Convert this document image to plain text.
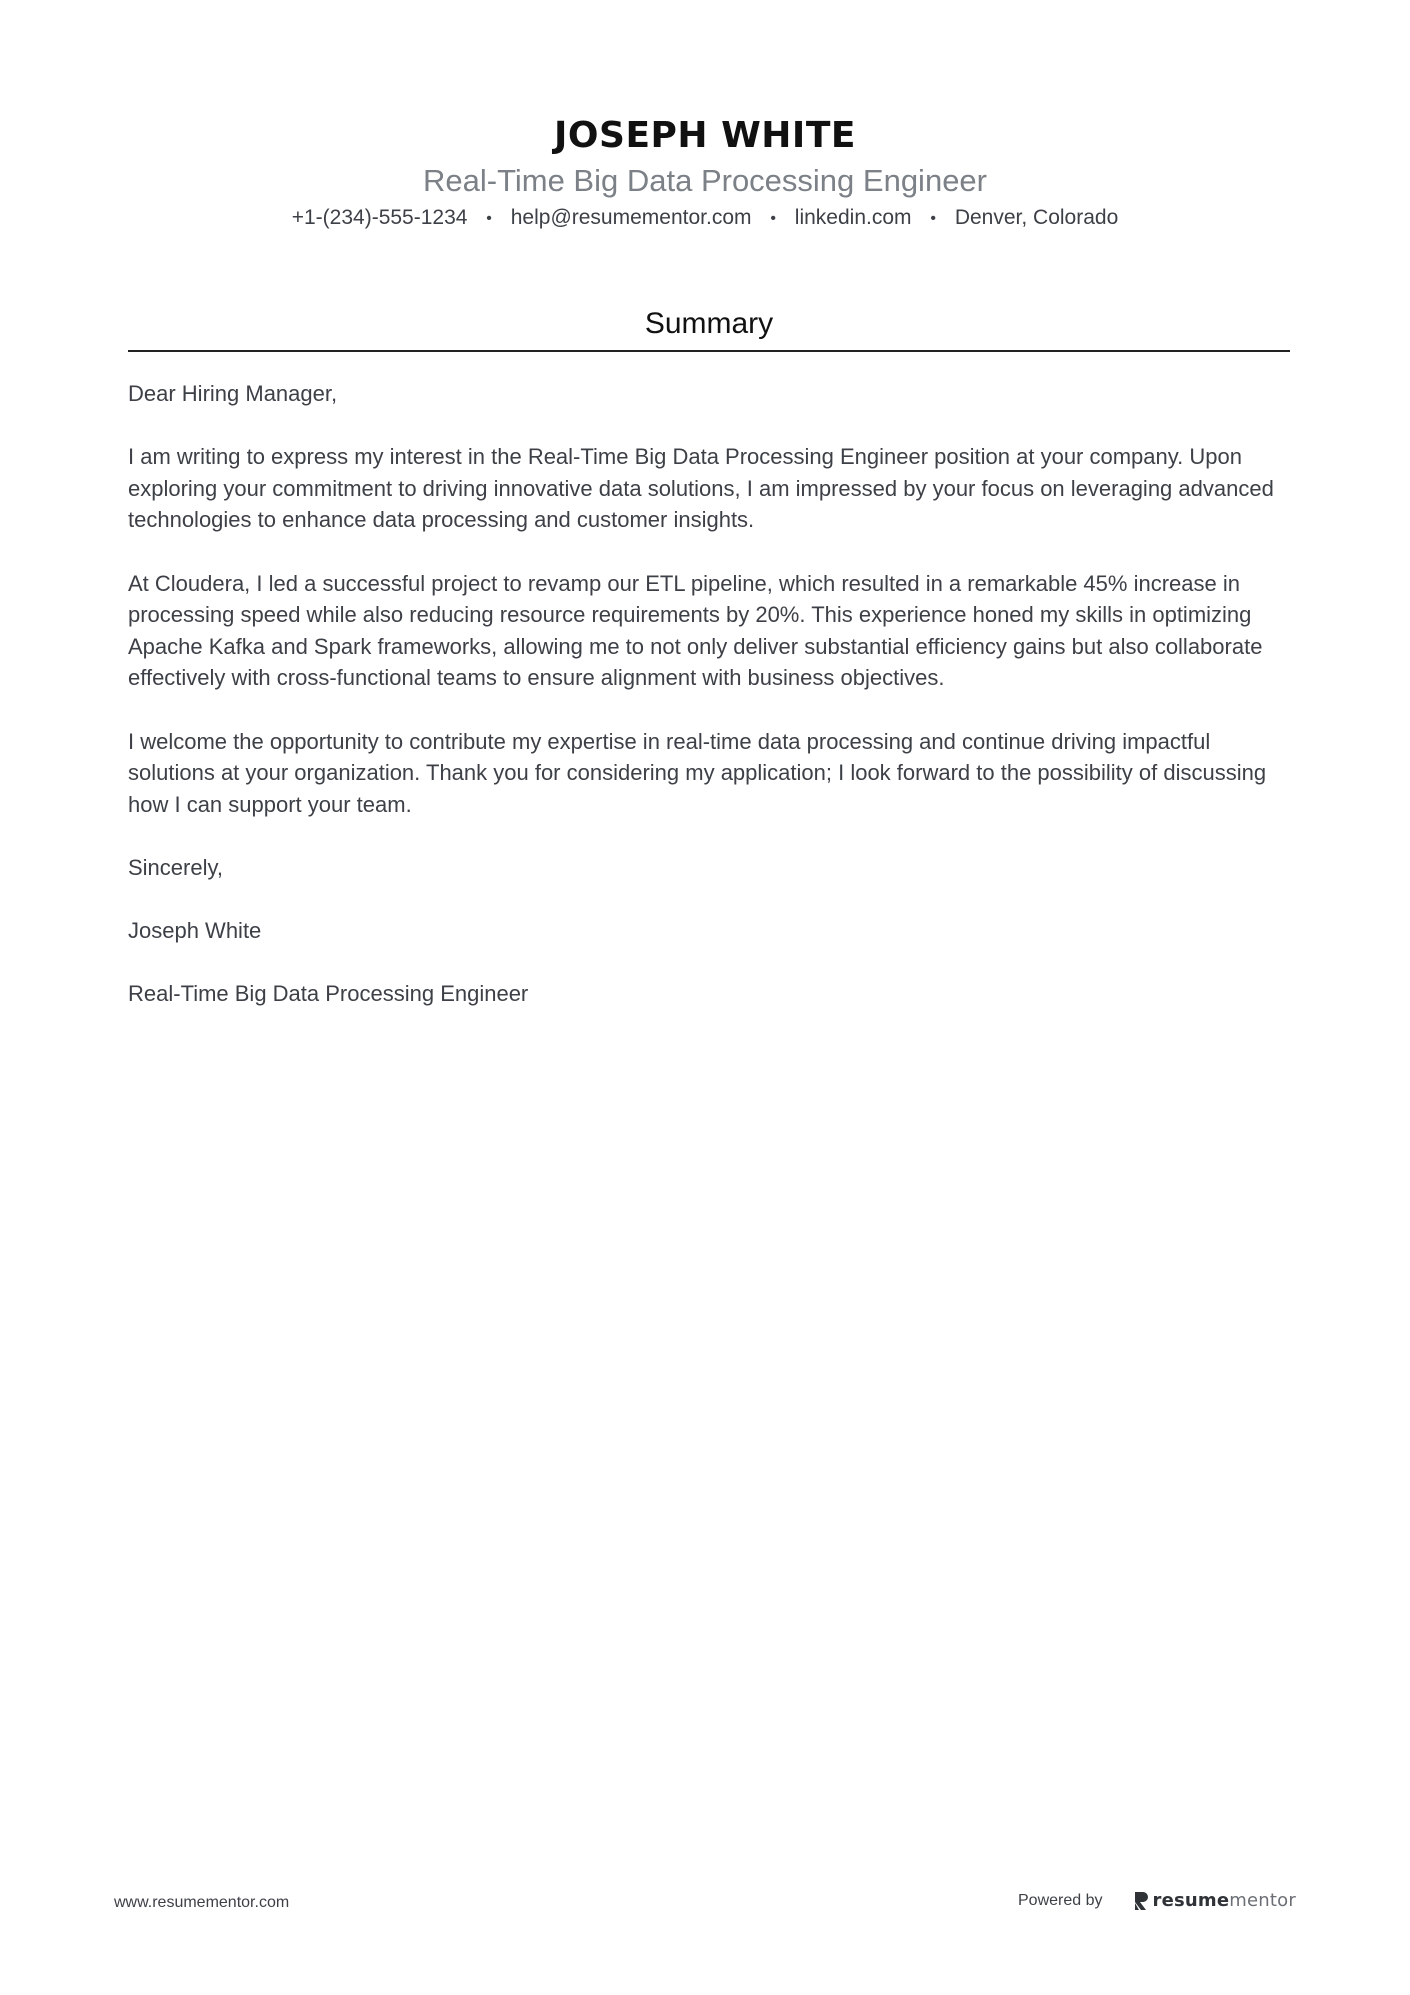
JOSEPH WHITE
Real-Time Big Data Processing Engineer
+1-(234)-555-1234 • help@resumementor.com • linkedin.com • Denver, Colorado
Summary

Dear Hiring Manager,

I am writing to express my interest in the Real-Time Big Data Processing Engineer position at your company. Upon exploring your commitment to driving innovative data solutions, I am impressed by your focus on leveraging advanced technologies to enhance data processing and customer insights.

At Cloudera, I led a successful project to revamp our ETL pipeline, which resulted in a remarkable 45% increase in processing speed while also reducing resource requirements by 20%. This experience honed my skills in optimizing Apache Kafka and Spark frameworks, allowing me to not only deliver substantial efficiency gains but also collaborate effectively with cross-functional teams to ensure alignment with business objectives.

I welcome the opportunity to contribute my expertise in real-time data processing and continue driving impactful solutions at your organization. Thank you for considering my application; I look forward to the possibility of discussing how I can support your team.

Sincerely,

Joseph White

Real-Time Big Data Processing Engineer

www.resumementor.com	Powered by	resumementor
